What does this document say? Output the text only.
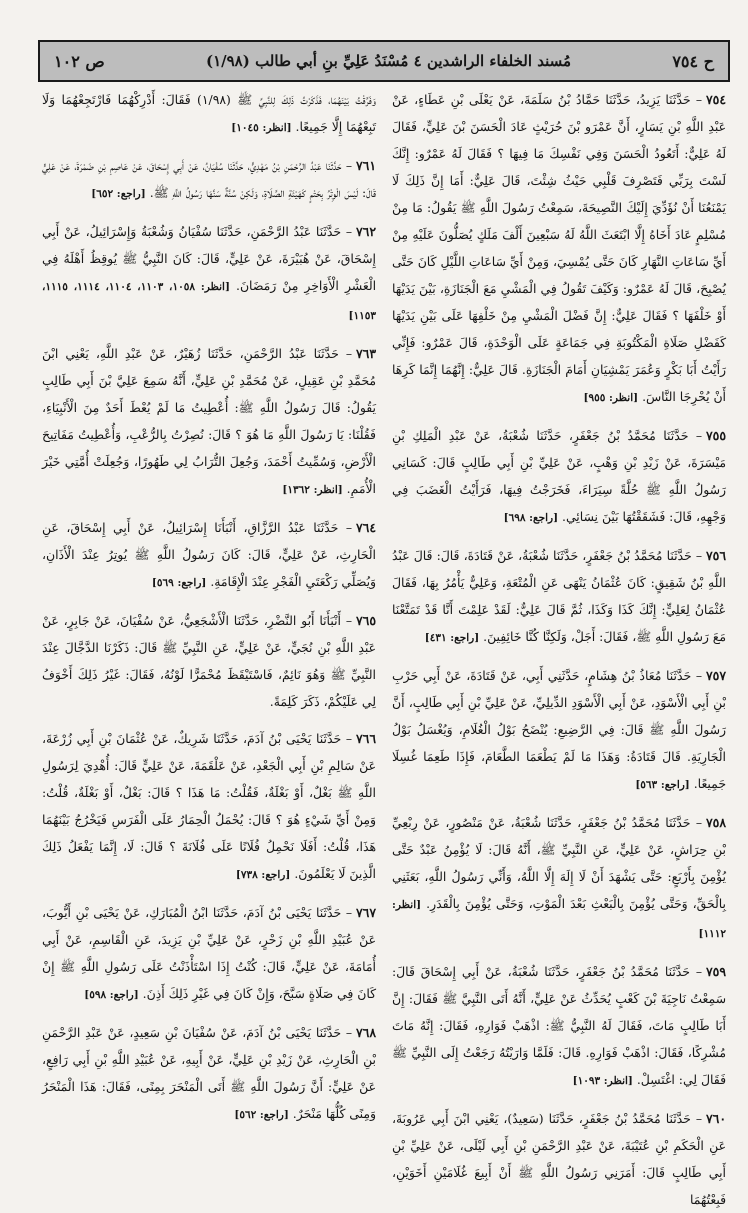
ح ٧٥٤
مُسند الخلفاء الراشدين ٤ مُسْنَدُ عَلِيِّ بنِ أبي طالب (١/٩٨)
ص ١٠٢

٧٥٤– حَدَّثَنَا يَزِيدُ، حَدَّثَنَا حَمَّادُ بْنُ سَلَمَةَ، عَنْ يَعْلَى بْنِ عَطَاءٍ، عَنْ عَبْدِ اللَّهِ بْنِ يَسَارٍ، أَنَّ عَمْرَو بْنَ حُرَيْثٍ عَادَ الْحَسَنَ بْنَ عَلِيٍّ، فَقَالَ لَهُ عَلِيٌّ: أَتَعُودُ الْحَسَنَ وَفِي نَفْسِكَ مَا فِيهَا ؟ فَقَالَ لَهُ عَمْرٌو: إِنَّكَ لَسْتَ بِرَبِّي فَتَصْرِفَ قَلْبِي حَيْثُ شِئْتَ، قَالَ عَلِيٌّ: أَمَا إِنَّ ذَلِكَ لَا يَمْنَعُنَا أَنْ نُؤَدِّيَ إِلَيْكَ النَّصِيحَةَ، سَمِعْتُ رَسُولَ اللَّهِ ﷺ يَقُولُ: مَا مِنْ مُسْلِمٍ عَادَ أَخَاهُ إِلَّا ابْتَعَثَ اللَّهُ لَهُ سَبْعِينَ أَلْفَ مَلَكٍ يُصَلُّونَ عَلَيْهِ مِنْ أَيِّ سَاعَاتِ النَّهَارِ كَانَ حَتَّى يُمْسِيَ، وَمِنْ أَيِّ سَاعَاتِ اللَّيْلِ كَانَ حَتَّى يُصْبِحَ، قَالَ لَهُ عَمْرٌو: وَكَيْفَ تَقُولُ فِي الْمَشْيِ مَعَ الْجَنَازَةِ، بَيْنَ يَدَيْهَا أَوْ خَلْفَهَا ؟ فَقَالَ عَلِيٌّ: إِنَّ فَضْلَ الْمَشْيِ مِنْ خَلْفِهَا عَلَى بَيْنِ يَدَيْهَا كَفَضْلِ صَلَاةِ الْمَكْتُوبَةِ فِي جَمَاعَةٍ عَلَى الْوَحْدَةِ، قَالَ عَمْرٌو: فَإِنِّي رَأَيْتُ أَبَا بَكْرٍ وَعُمَرَ يَمْشِيَانِ أَمَامَ الْجَنَازَةِ. قَالَ عَلِيٌّ: إِنَّهُمَا إِنَّمَا كَرِهَا أَنْ يُحْرِجَا النَّاسَ. [انظر: ٩٥٥]

٧٥٥– حَدَّثَنَا مُحَمَّدُ بْنُ جَعْفَرٍ، حَدَّثَنَا شُعْبَةُ، عَنْ عَبْدِ الْمَلِكِ بْنِ مَيْسَرَةَ، عَنْ زَيْدِ بْنِ وَهْبٍ، عَنْ عَلِيِّ بْنِ أَبِي طَالِبٍ قَالَ: كَسَانِي رَسُولُ اللَّهِ ﷺ حُلَّةً سِيَرَاءَ، فَخَرَجْتُ فِيهَا، فَرَأَيْتُ الْغَضَبَ فِي وَجْهِهِ، قَالَ: فَشَقَقْتُهَا بَيْنَ نِسَائِي. [راجع: ٦٩٨]

٧٥٦– حَدَّثَنَا مُحَمَّدُ بْنُ جَعْفَرٍ، حَدَّثَنَا شُعْبَةُ، عَنْ قَتَادَةَ، قَالَ: قَالَ عَبْدُ اللَّهِ بْنُ شَقِيقٍ: كَانَ عُثْمَانُ يَنْهَى عَنِ الْمُتْعَةِ، وَعَلِيٌّ يَأْمُرُ بِهَا، فَقَالَ عُثْمَانُ لِعَلِيٍّ: إِنَّكَ كَذَا وَكَذَا، ثُمَّ قَالَ عَلِيٌّ: لَقَدْ عَلِمْتَ أَنَّا قَدْ تَمَتَّعْنَا مَعَ رَسُولِ اللَّهِ ﷺ، فَقَالَ: أَجَلْ، وَلَكِنَّا كُنَّا خَائِفِينَ. [راجع: ٤٣١]

٧٥٧– حَدَّثَنَا مُعَاذُ بْنُ هِشَامٍ، حَدَّثَنِي أَبِي، عَنْ قَتَادَةَ، عَنْ أَبِي حَرْبِ بْنِ أَبِي الْأَسْوَدِ، عَنْ أَبِي الْأَسْوَدِ الدِّيلِيِّ، عَنْ عَلِيِّ بْنِ أَبِي طَالِبٍ، أَنَّ رَسُولَ اللَّهِ ﷺ قَالَ: فِي الرَّضِيعِ: يُنْضَحُ بَوْلُ الْغُلَامِ، وَيُغْسَلُ بَوْلُ الْجَارِيَةِ. قَالَ قَتَادَةُ: وَهَذَا مَا لَمْ يَطْعَمَا الطَّعَامَ، فَإِذَا طَعِمَا غُسِلَا جَمِيعًا. [راجع: ٥٦٣]

٧٥٨– حَدَّثَنَا مُحَمَّدُ بْنُ جَعْفَرٍ، حَدَّثَنَا شُعْبَةُ، عَنْ مَنْصُورٍ، عَنْ رِبْعِيِّ بْنِ حِرَاشٍ، عَنْ عَلِيٍّ، عَنِ النَّبِيِّ ﷺ، أَنَّهُ قَالَ: لَا يُؤْمِنُ عَبْدٌ حَتَّى يُؤْمِنَ بِأَرْبَعٍ: حَتَّى يَشْهَدَ أَنْ لَا إِلَهَ إِلَّا اللَّهُ، وَأَنِّي رَسُولُ اللَّهِ، بَعَثَنِي بِالْحَقِّ، وَحَتَّى يُؤْمِنَ بِالْبَعْثِ بَعْدَ الْمَوْتِ، وَحَتَّى يُؤْمِنَ بِالْقَدَرِ. [انظر: ١١١٢]

٧٥٩– حَدَّثَنَا مُحَمَّدُ بْنُ جَعْفَرٍ، حَدَّثَنَا شُعْبَةُ، عَنْ أَبِي إِسْحَاقَ قَالَ: سَمِعْتُ نَاجِيَةَ بْنَ كَعْبٍ يُحَدِّثُ عَنْ عَلِيٍّ، أَنَّهُ أَتَى النَّبِيَّ ﷺ فَقَالَ: إِنَّ أَبَا طَالِبٍ مَاتَ، فَقَالَ لَهُ النَّبِيُّ ﷺ: اذْهَبْ فَوَارِهِ، فَقَالَ: إِنَّهُ مَاتَ مُشْرِكًا، فَقَالَ: اذْهَبْ فَوَارِهِ. قَالَ: فَلَمَّا وَارَيْتُهُ رَجَعْتُ إِلَى النَّبِيِّ ﷺ فَقَالَ لِي: اغْتَسِلْ. [انظر: ١٠٩٣]

٧٦٠– حَدَّثَنَا مُحَمَّدُ بْنُ جَعْفَرٍ، حَدَّثَنَا (سَعِيدٌ)، يَعْنِي ابْنَ أَبِي عَرُوبَةَ، عَنِ الْحَكَمِ بْنِ عُتَيْبَةَ، عَنْ عَبْدِ الرَّحْمَنِ بْنِ أَبِي لَيْلَى، عَنْ عَلِيِّ بْنِ أَبِي طَالِبٍ قَالَ: أَمَرَنِي رَسُولُ اللَّهِ ﷺ أَنْ أَبِيعَ غُلَامَيْنِ أَخَوَيْنِ، فَبِعْتُهُمَا

وَفَرَّقْتُ بَيْنَهُمَا، فَذَكَرْتُ ذَلِكَ لِلنَّبِيِّ ﷺ (١/٩٨) فَقَالَ: أَدْرِكْهُمَا فَارْتَجِعْهُمَا وَلَا تَبِعْهُمَا إِلَّا جَمِيعًا. [انظر: ١٠٤٥]

٧٦١– حَدَّثَنَا عَبْدُ الرَّحْمَنِ بْنُ مَهْدِيٍّ، حَدَّثَنَا سُفْيَانُ، عَنْ أَبِي إِسْحَاقَ، عَنْ عَاصِمِ بْنِ ضَمْرَةَ، عَنْ عَلِيٍّ قَالَ: لَيْسَ الْوِتْرُ بِحَتْمٍ كَهَيْئَةِ الصَّلَاةِ، وَلَكِنْ سُنَّةٌ سَنَّهَا رَسُولُ اللَّهِ ﷺ. [راجع: ٦٥٢]

٧٦٢– حَدَّثَنَا عَبْدُ الرَّحْمَنِ، حَدَّثَنَا سُفْيَانُ وَشُعْبَةُ وَإِسْرَائِيلُ، عَنْ أَبِي إِسْحَاقَ، عَنْ هُبَيْرَةَ، عَنْ عَلِيٍّ، قَالَ: كَانَ النَّبِيُّ ﷺ يُوقِظُ أَهْلَهُ فِي الْعَشْرِ الْأَوَاخِرِ مِنْ رَمَضَانَ. [انظر: ١٠٥٨، ١١٠٣، ١١٠٤، ١١١٤، ١١١٥، ١١٥٣]

٧٦٣– حَدَّثَنَا عَبْدُ الرَّحْمَنِ، حَدَّثَنَا زُهَيْرٌ، عَنْ عَبْدِ اللَّهِ، يَعْنِي ابْنَ مُحَمَّدِ بْنِ عَقِيلٍ، عَنْ مُحَمَّدِ بْنِ عَلِيٍّ، أَنَّهُ سَمِعَ عَلِيَّ بْنَ أَبِي طَالِبٍ يَقُولُ: قَالَ رَسُولُ اللَّهِ ﷺ: أُعْطِيتُ مَا لَمْ يُعْطَ أَحَدٌ مِنَ الْأَنْبِيَاءِ، فَقُلْنَا: يَا رَسُولَ اللَّهِ مَا هُوَ ؟ قَالَ: نُصِرْتُ بِالرُّعْبِ، وَأُعْطِيتُ مَفَاتِيحَ الْأَرْضِ، وَسُمِّيتُ أَحْمَدَ، وَجُعِلَ التُّرَابُ لِي طَهُورًا، وَجُعِلَتْ أُمَّتِي خَيْرَ الْأُمَمِ. [انظر: ١٣٦٢]

٧٦٤– حَدَّثَنَا عَبْدُ الرَّزَّاقِ، أَنْبَأَنَا إِسْرَائِيلُ، عَنْ أَبِي إِسْحَاقَ، عَنِ الْحَارِثِ، عَنْ عَلِيٍّ، قَالَ: كَانَ رَسُولُ اللَّهِ ﷺ يُوتِرُ عِنْدَ الْأَذَانِ، وَيُصَلِّي رَكْعَتَيِ الْفَجْرِ عِنْدَ الْإِقَامَةِ. [راجع: ٥٦٩]

٧٦٥– أَنْبَأَنَا أَبُو النَّضْرِ، حَدَّثَنَا الْأَشْجَعِيُّ، عَنْ سُفْيَانَ، عَنْ جَابِرٍ، عَنْ عَبْدِ اللَّهِ بْنِ نُجَيٍّ، عَنْ عَلِيٍّ، عَنِ النَّبِيِّ ﷺ قَالَ: ذَكَرْنَا الدَّجَّالَ عِنْدَ النَّبِيِّ ﷺ وَهُوَ نَائِمٌ، فَاسْتَيْقَظَ مُحْمَرًّا لَوْنُهُ، فَقَالَ: غَيْرُ ذَلِكَ أَخْوَفُ لِي عَلَيْكُمْ، ذَكَرَ كَلِمَةً.

٧٦٦– حَدَّثَنَا يَحْيَى بْنُ آدَمَ، حَدَّثَنَا شَرِيكٌ، عَنْ عُثْمَانَ بْنِ أَبِي زُرْعَةَ، عَنْ سَالِمِ بْنِ أَبِي الْجَعْدِ، عَنْ عَلْقَمَةَ، عَنْ عَلِيٍّ قَالَ: أُهْدِيَ لِرَسُولِ اللَّهِ ﷺ بَغْلٌ، أَوْ بَغْلَةٌ، فَقُلْتُ: مَا هَذَا ؟ قَالَ: بَغْلٌ، أَوْ بَغْلَةٌ، قُلْتُ: وَمِنْ أَيِّ شَيْءٍ هُوَ ؟ قَالَ: يُحْمَلُ الْحِمَارُ عَلَى الْفَرَسِ فَيَخْرُجُ بَيْنَهُمَا هَذَا، قُلْتُ: أَفَلَا نَحْمِلُ فُلَانًا عَلَى فُلَانَةَ ؟ قَالَ: لَا، إِنَّمَا يَفْعَلُ ذَلِكَ الَّذِينَ لَا يَعْلَمُونَ. [راجع: ٧٣٨]

٧٦٧– حَدَّثَنَا يَحْيَى بْنُ آدَمَ، حَدَّثَنَا ابْنُ الْمُبَارَكِ، عَنْ يَحْيَى بْنِ أَيُّوبَ، عَنْ عُبَيْدِ اللَّهِ بْنِ زَحْرٍ، عَنْ عَلِيِّ بْنِ يَزِيدَ، عَنِ الْقَاسِمِ، عَنْ أَبِي أُمَامَةَ، عَنْ عَلِيٍّ، قَالَ: كُنْتُ إِذَا اسْتَأْذَنْتُ عَلَى رَسُولِ اللَّهِ ﷺ إِنْ كَانَ فِي صَلَاةٍ سَبَّحَ، وَإِنْ كَانَ فِي غَيْرِ ذَلِكَ أَذِنَ. [راجع: ٥٩٨]

٧٦٨– حَدَّثَنَا يَحْيَى بْنُ آدَمَ، عَنْ سُفْيَانَ بْنِ سَعِيدٍ، عَنْ عَبْدِ الرَّحْمَنِ بْنِ الْحَارِثِ، عَنْ زَيْدِ بْنِ عَلِيٍّ، عَنْ أَبِيهِ، عَنْ عُبَيْدِ اللَّهِ بْنِ أَبِي رَافِعٍ، عَنْ عَلِيٍّ: أَنَّ رَسُولَ اللَّهِ ﷺ أَتَى الْمَنْحَرَ بِمِنًى، فَقَالَ: هَذَا الْمَنْحَرُ وَمِنًى كُلُّهَا مَنْحَرٌ. [راجع: ٥٦٢]
